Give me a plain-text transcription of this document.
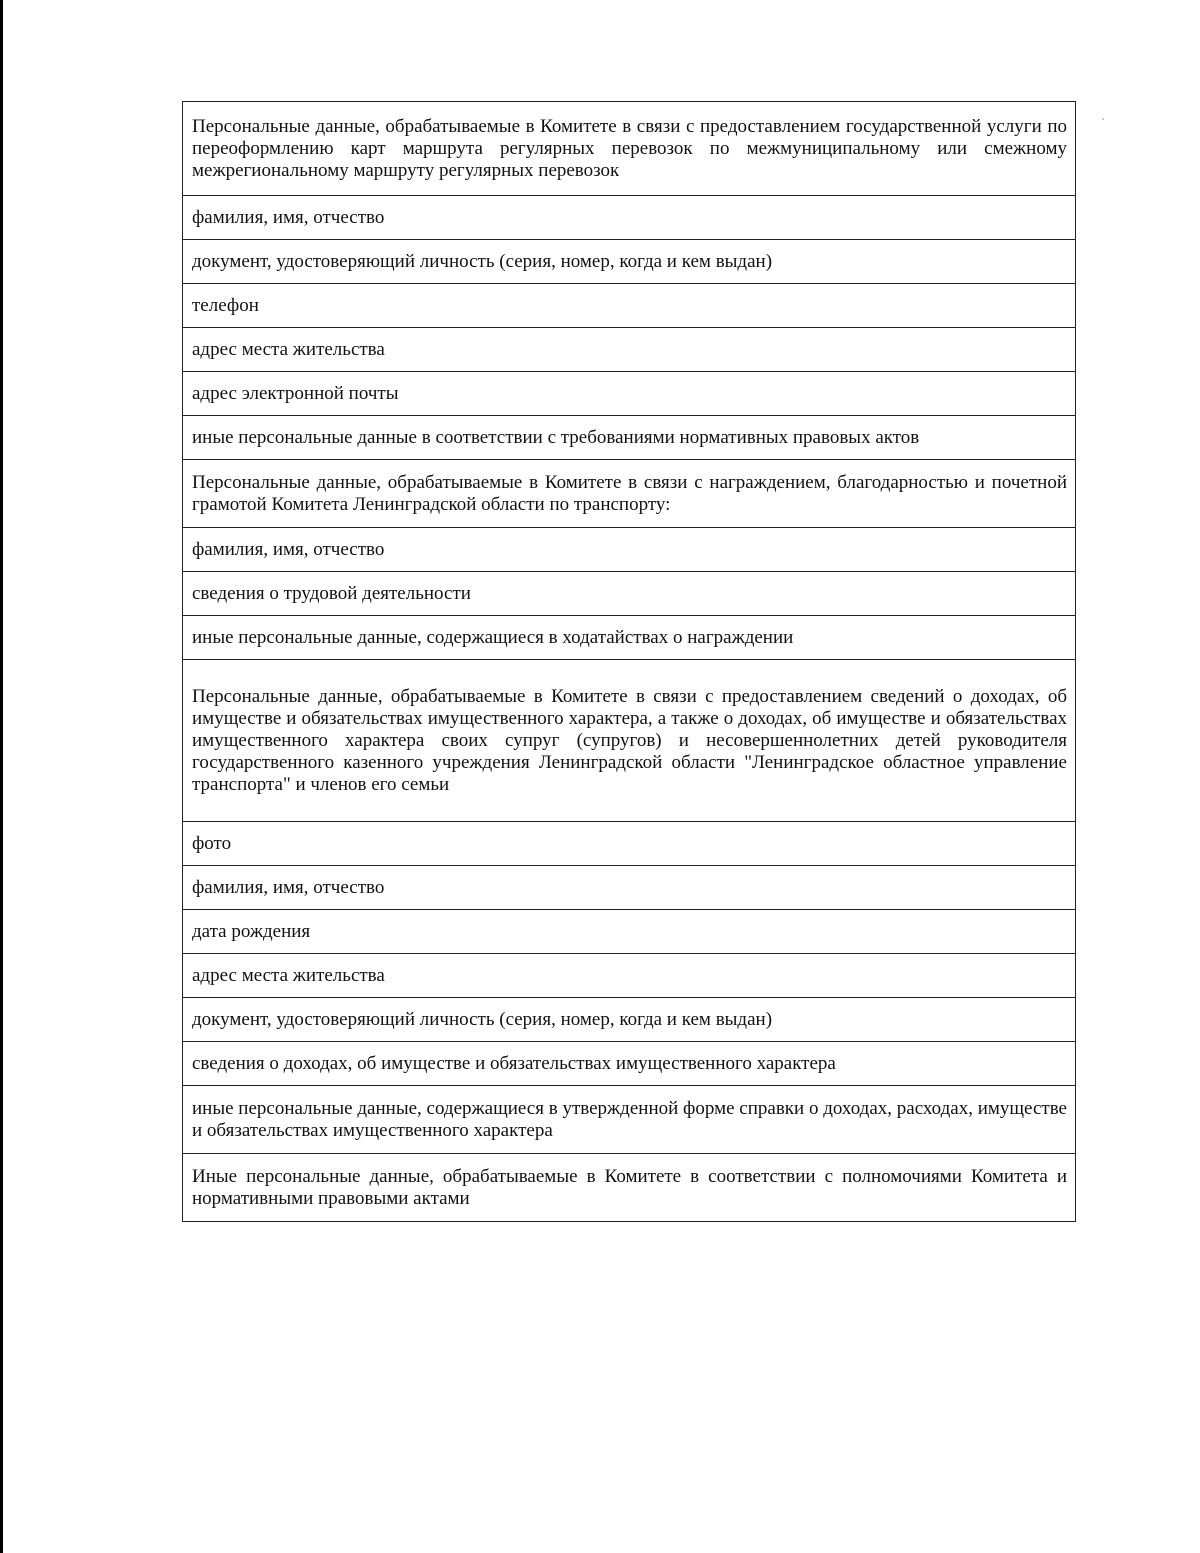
Персональные данные, обрабатываемые в Комитете в связи с предоставлением государственной услуги по переоформлению карт маршрута регулярных перевозок по межмуниципальному или смежному межрегиональному маршруту регулярных перевозок
фамилия, имя, отчество
документ, удостоверяющий личность (серия, номер, когда и кем выдан)
телефон
адрес места жительства
адрес электронной почты
иные персональные данные в соответствии с требованиями нормативных правовых актов
Персональные данные, обрабатываемые в Комитете в связи с награждением, благодарностью и почетной грамотой Комитета Ленинградской области по транспорту:
фамилия, имя, отчество
сведения о трудовой деятельности
иные персональные данные, содержащиеся в ходатайствах о награждении
Персональные данные, обрабатываемые в Комитете в связи с предоставлением сведений о доходах, об имуществе и обязательствах имущественного характера, а также о доходах, об имуществе и обязательствах имущественного характера своих супруг (супругов) и несовершеннолетних детей руководителя государственного казенного учреждения Ленинградской области "Ленинградское областное управление транспорта" и членов его семьи
фото
фамилия, имя, отчество
дата рождения
адрес места жительства
документ, удостоверяющий личность (серия, номер, когда и кем выдан)
сведения о доходах, об имуществе и обязательствах имущественного характера
иные персональные данные, содержащиеся в утвержденной форме справки о доходах, расходах, имуществе и обязательствах имущественного характера
Иные персональные данные, обрабатываемые в Комитете в соответствии с полномочиями Комитета и нормативными правовыми актами
